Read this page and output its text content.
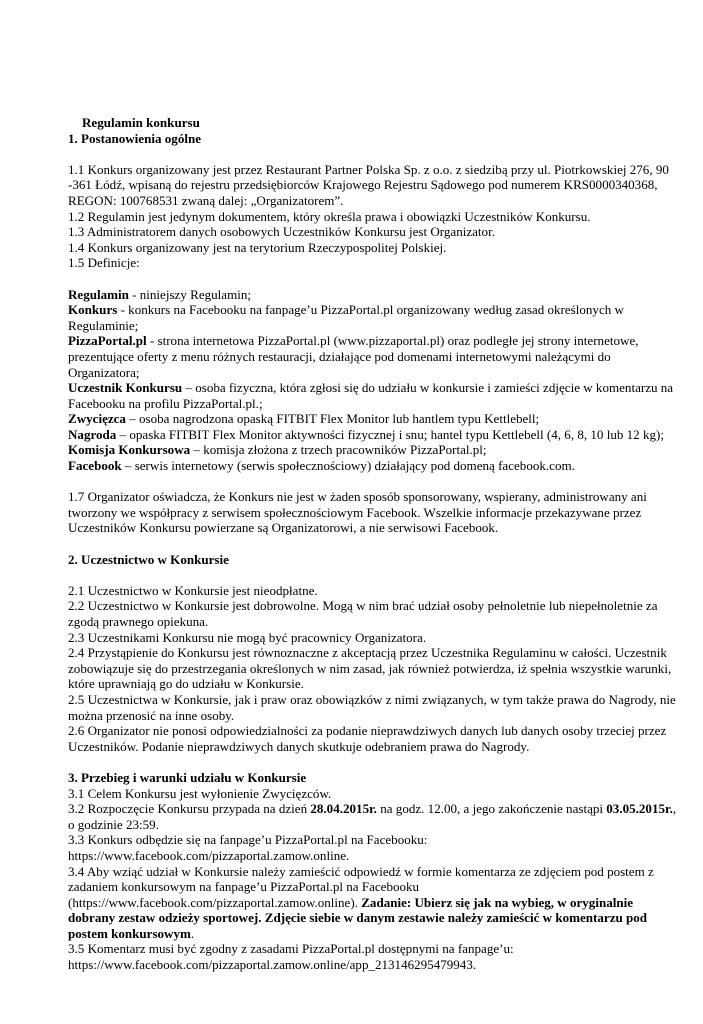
Regulamin konkursu

1. Postanowienia ogólne

1.1 Konkurs organizowany jest przez Restaurant Partner Polska Sp. z o.o. z siedzibą przy ul. Piotrkowskiej 276, 90 -361 Łódź, wpisaną do rejestru przedsiębiorców Krajowego Rejestru Sądowego pod numerem KRS0000340368, REGON: 100768531 zwaną dalej: „Organizatorem”.

1.2 Regulamin jest jedynym dokumentem, który określa prawa i obowiązki Uczestników Konkursu.

1.3 Administratorem danych osobowych Uczestników Konkursu jest Organizator.

1.4 Konkurs organizowany jest na terytorium Rzeczypospolitej Polskiej.

1.5 Definicje:

Regulamin - niniejszy Regulamin;

Konkurs - konkurs na Facebooku na fanpage’u PizzaPortal.pl organizowany według zasad określonych w Regulaminie;

PizzaPortal.pl - strona internetowa PizzaPortal.pl (www.pizzaportal.pl) oraz podległe jej strony internetowe, prezentujące oferty z menu różnych restauracji, działające pod domenami internetowymi należącymi do Organizatora;

Uczestnik Konkursu – osoba fizyczna, która zgłosi się do udziału w konkursie i zamieści zdjęcie w komentarzu na Facebooku na profilu PizzaPortal.pl.;

Zwycięzca – osoba nagrodzona opaską FITBIT Flex Monitor lub hantlem typu Kettlebell;

Nagroda – opaska FITBIT Flex Monitor aktywności fizycznej i snu; hantel typu Kettlebell (4, 6, 8, 10 lub 12 kg);

Komisja Konkursowa – komisja złożona z trzech pracowników PizzaPortal.pl;

Facebook – serwis internetowy (serwis społecznościowy) działający pod domeną facebook.com.

1.7 Organizator oświadcza, że Konkurs nie jest w żaden sposób sponsorowany, wspierany, administrowany ani tworzony we współpracy z serwisem społecznościowym Facebook. Wszelkie informacje przekazywane przez Uczestników Konkursu powierzane są Organizatorowi, a nie serwisowi Facebook.

2. Uczestnictwo w Konkursie

2.1 Uczestnictwo w Konkursie jest nieodpłatne.

2.2 Uczestnictwo w Konkursie jest dobrowolne. Mogą w nim brać udział osoby pełnoletnie lub niepełnoletnie za zgodą prawnego opiekuna.

2.3 Uczestnikami Konkursu nie mogą być pracownicy Organizatora.

2.4 Przystąpienie do Konkursu jest równoznaczne z akceptacją przez Uczestnika Regulaminu w całości. Uczestnik zobowiązuje się do przestrzegania określonych w nim zasad, jak również potwierdza, iż spełnia wszystkie warunki, które uprawniają go do udziału w Konkursie.

2.5 Uczestnictwa w Konkursie, jak i praw oraz obowiązków z nimi związanych, w tym także prawa do Nagrody, nie można przenosić na inne osoby.

2.6 Organizator nie ponosi odpowiedzialności za podanie nieprawdziwych danych lub danych osoby trzeciej przez Uczestników. Podanie nieprawdziwych danych skutkuje odebraniem prawa do Nagrody.

3. Przebieg i warunki udziału w Konkursie

3.1 Celem Konkursu jest wyłonienie Zwycięzców.

3.2 Rozpoczęcie Konkursu przypada na dzień 28.04.2015r. na godz. 12.00, a jego zakończenie nastąpi 03.05.2015r., o godzinie 23:59.

3.3 Konkurs odbędzie się na fanpage’u PizzaPortal.pl na Facebooku:

https://www.facebook.com/pizzaportal.zamow.online.

3.4 Aby wziąć udział w Konkursie należy zamieścić odpowiedź w formie komentarza ze zdjęciem pod postem z zadaniem konkursowym na fanpage’u PizzaPortal.pl na Facebooku (https://www.facebook.com/pizzaportal.zamow.online). Zadanie: Ubierz się jak na wybieg, w oryginalnie dobrany zestaw odzieży sportowej. Zdjęcie siebie w danym zestawie należy zamieścić w komentarzu pod postem konkursowym.

3.5 Komentarz musi być zgodny z zasadami PizzaPortal.pl dostępnymi na fanpage’u:

https://www.facebook.com/pizzaportal.zamow.online/app_213146295479943.
